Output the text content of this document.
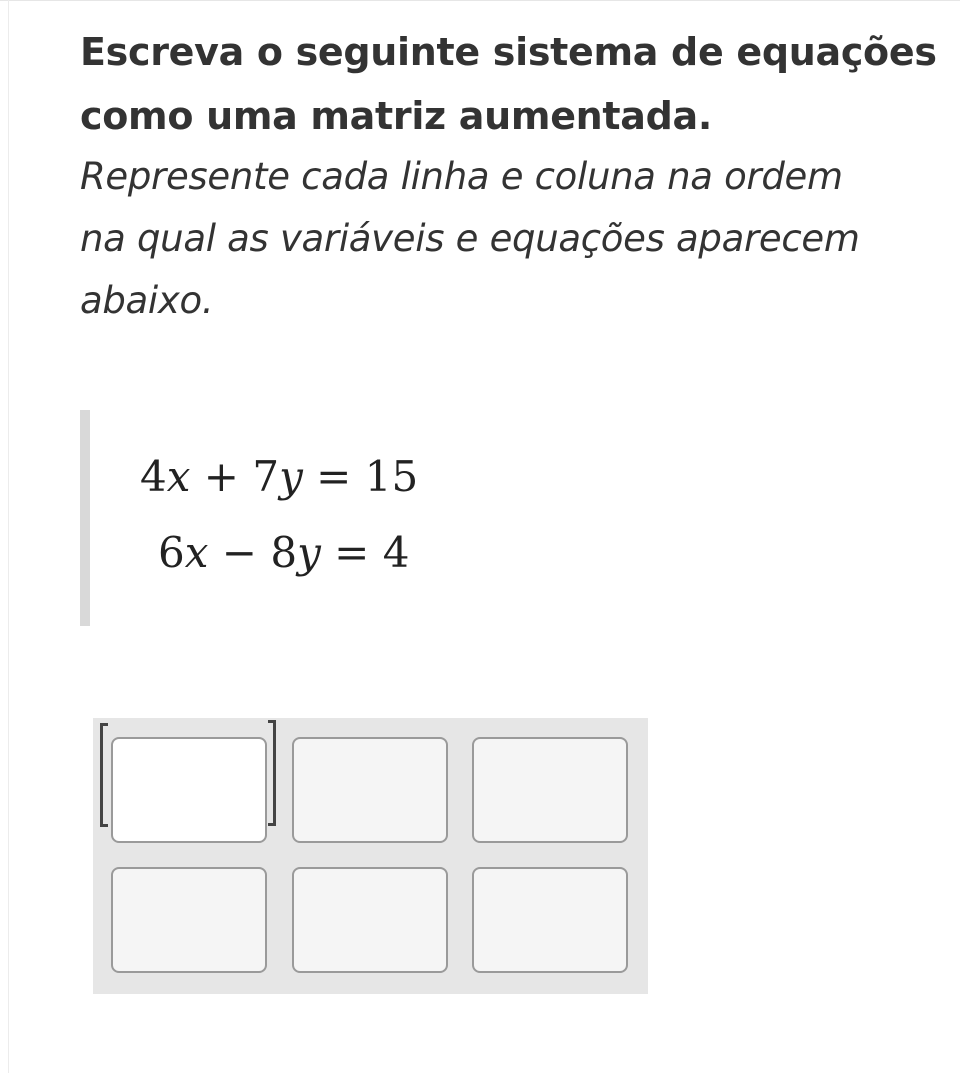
Escreva o seguinte sistema de equações
como uma matriz aumentada.
Represente cada linha e coluna na ordem
na qual as variáveis e equações aparecem
abaixo.
4x + 7y = 15
6x − 8y = 4
